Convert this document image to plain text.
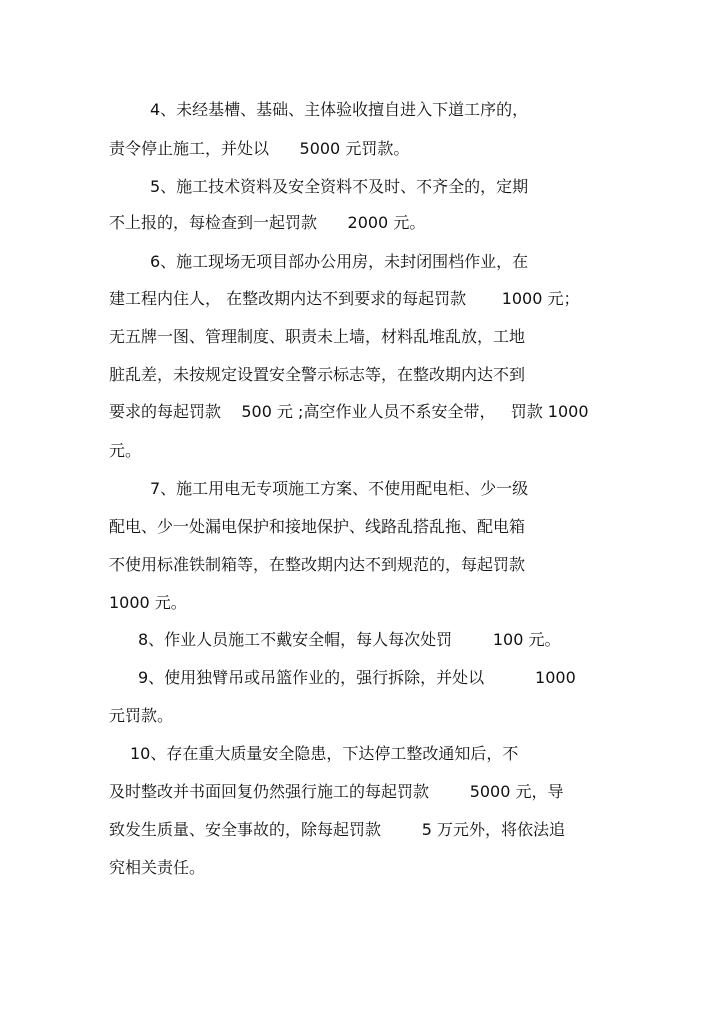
4、未经基槽、基础、主体验收擅自进入下道工序的，
责令停止施工，并处以      5000 元罚款。
5、施工技术资料及安全资料不及时、不齐全的，定期
不上报的，每检查到一起罚款      2000 元。
6、施工现场无项目部办公用房，未封闭围档作业，在
建工程内住人， 在整改期内达不到要求的每起罚款       1000 元；
无五牌一图、管理制度、职责未上墙，材料乱堆乱放，工地
脏乱差，未按规定设置安全警示标志等，在整改期内达不到
要求的每起罚款    500 元 ;高空作业人员不系安全带，   罚款 1000
元。
7、施工用电无专项施工方案、不使用配电柜、少一级
配电、少一处漏电保护和接地保护、线路乱搭乱拖、配电箱
不使用标准铁制箱等，在整改期内达不到规范的，每起罚款
1000 元。
8、作业人员施工不戴安全帽，每人每次处罚        100 元。
9、使用独臂吊或吊篮作业的，强行拆除，并处以          1000
元罚款。
10、存在重大质量安全隐患，下达停工整改通知后，不
及时整改并书面回复仍然强行施工的每起罚款        5000 元，导
致发生质量、安全事故的，除每起罚款        5 万元外，将依法追
究相关责任。
